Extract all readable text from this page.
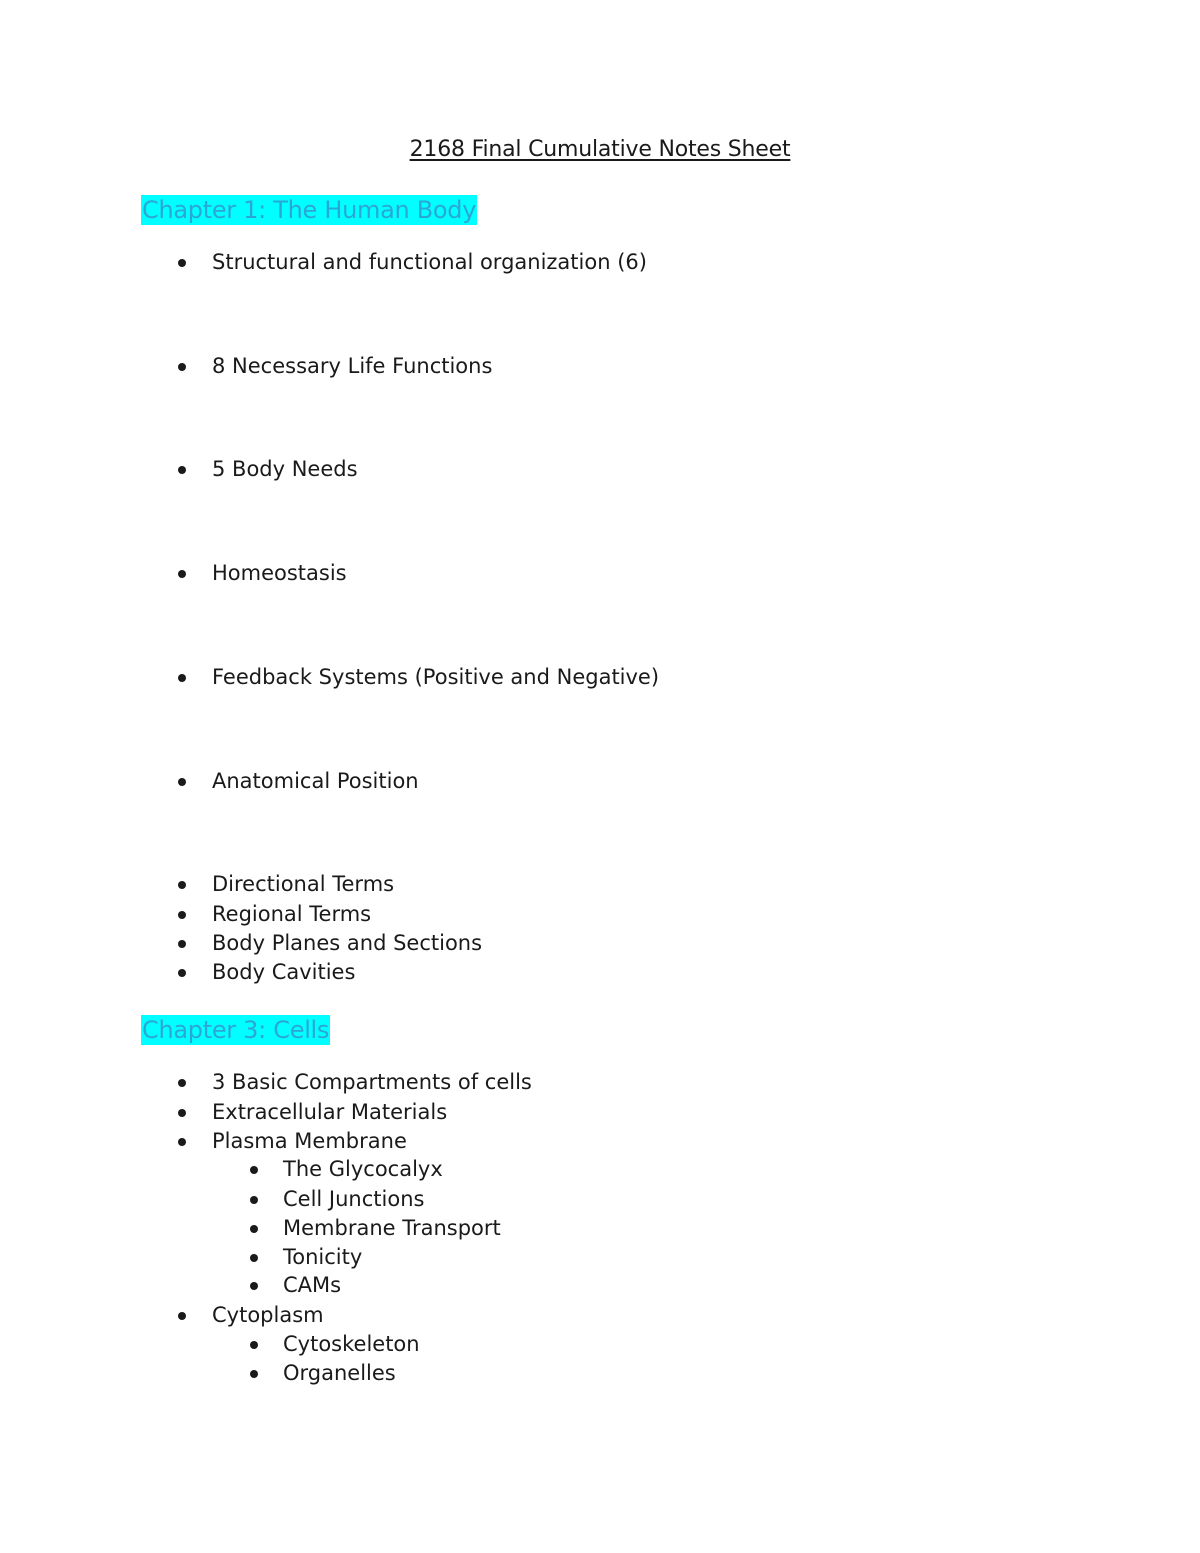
2168 Final Cumulative Notes Sheet
Chapter 1: The Human Body
Structural and functional organization (6)
8 Necessary Life Functions
5 Body Needs
Homeostasis
Feedback Systems (Positive and Negative)
Anatomical Position
Directional Terms
Regional Terms
Body Planes and Sections
Body Cavities
Chapter 3: Cells
3 Basic Compartments of cells
Extracellular Materials
Plasma Membrane
The Glycocalyx
Cell Junctions
Membrane Transport
Tonicity
CAMs
Cytoplasm
Cytoskeleton
Organelles
